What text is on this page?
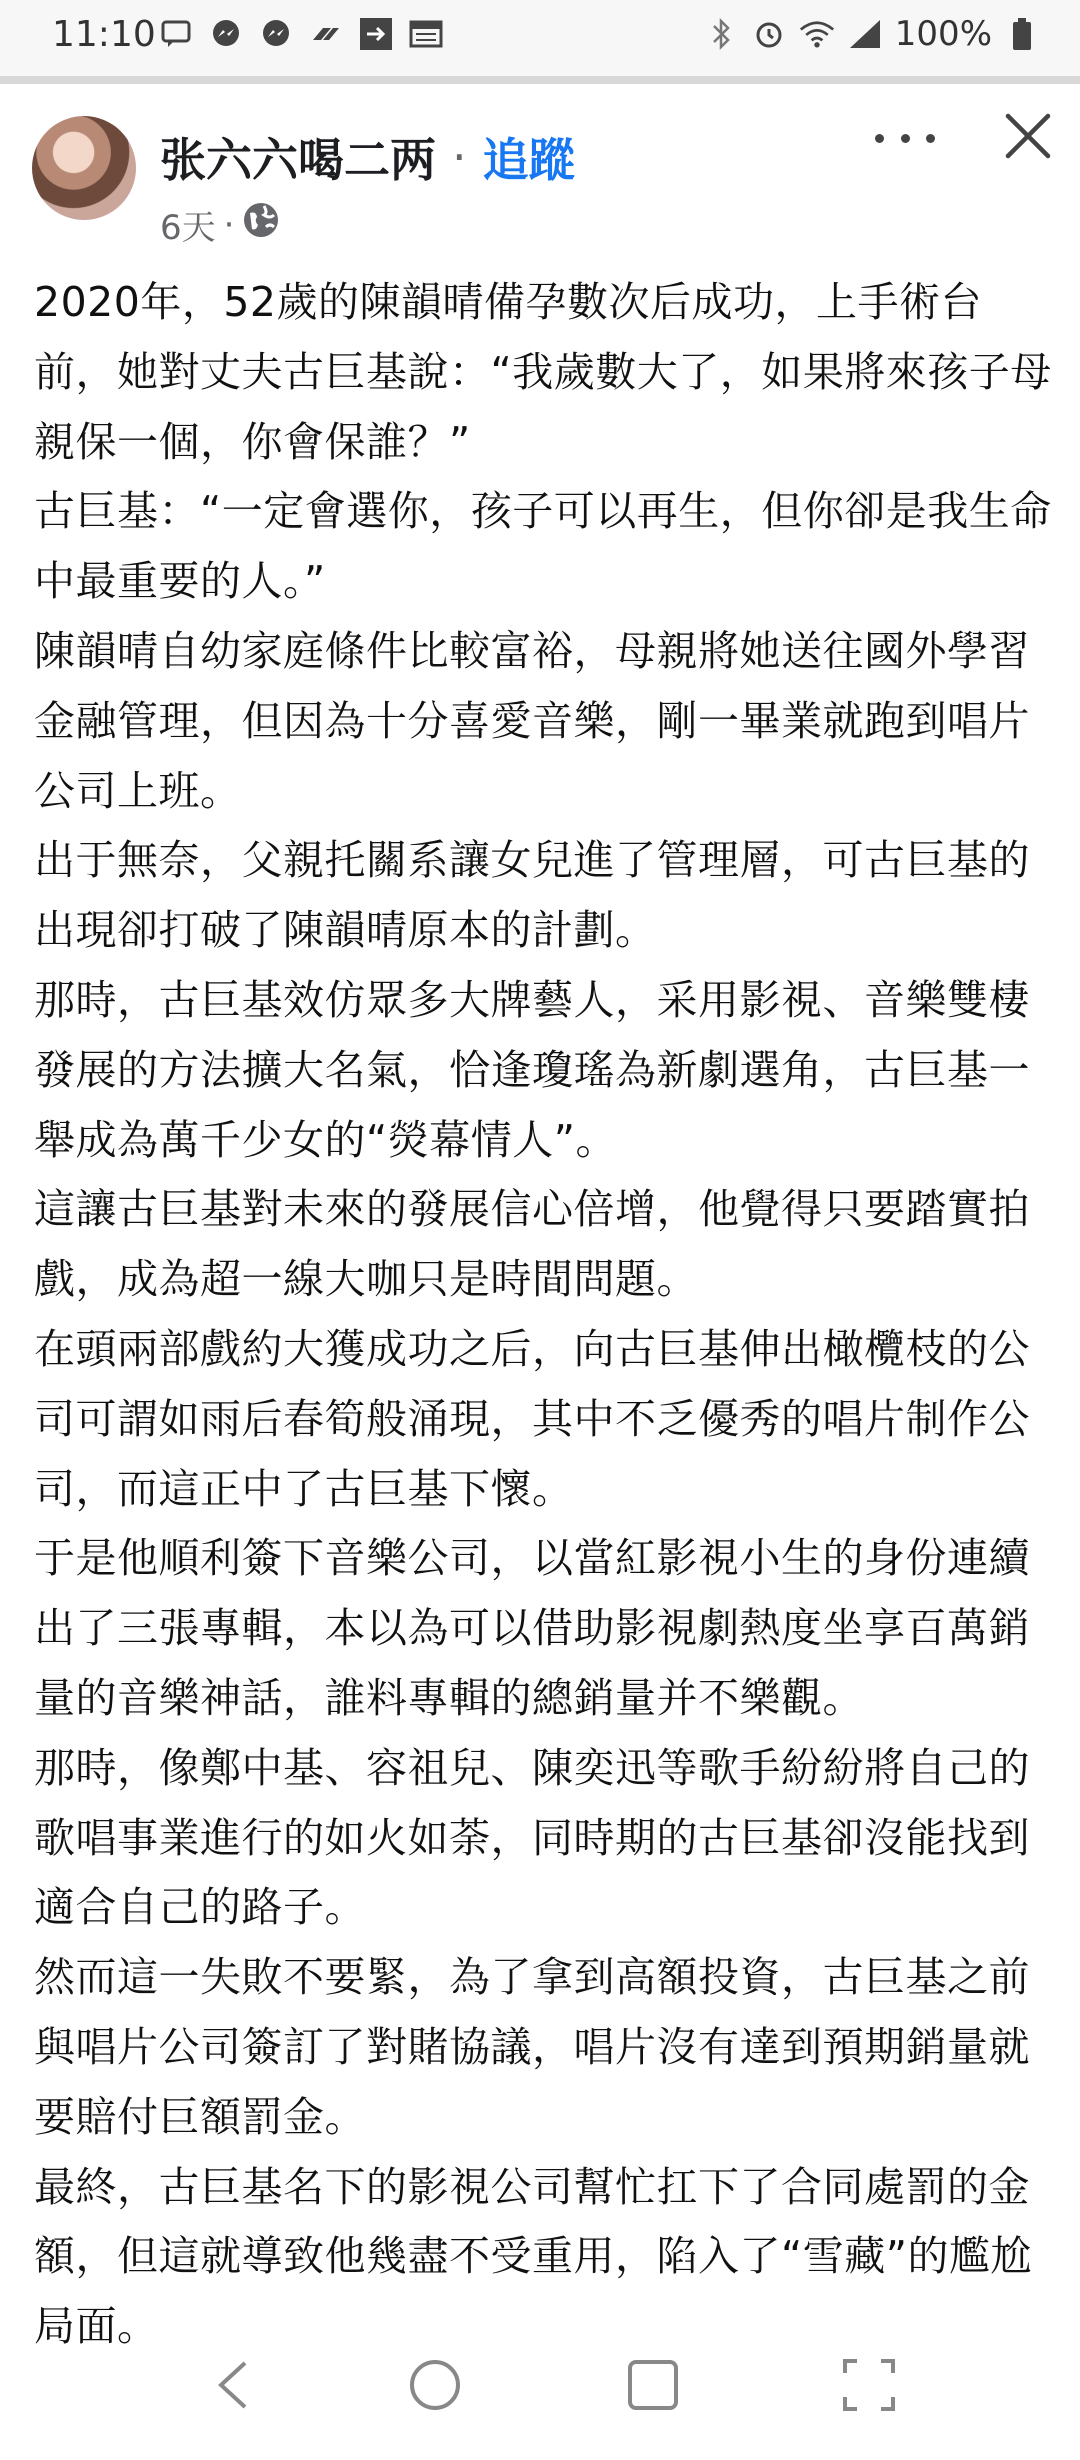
11:10	100%
张六六喝二两 · 追蹤
6天 ·

2020年，52歲的陳韻晴備孕數次后成功，上手術台前，她對丈夫古巨基說：“我歲數大了，如果將來孩子母親保一個，你會保誰？”

古巨基：“一定會選你，孩子可以再生，但你卻是我生命中最重要的人。”

陳韻晴自幼家庭條件比較富裕，母親將她送往國外學習金融管理，但因為十分喜愛音樂，剛一畢業就跑到唱片公司上班。

出于無奈，父親托關系讓女兒進了管理層，可古巨基的出現卻打破了陳韻晴原本的計劃。

那時，古巨基效仿眾多大牌藝人，采用影視、音樂雙棲發展的方法擴大名氣，恰逢瓊瑤為新劇選角，古巨基一舉成為萬千少女的“熒幕情人”。

這讓古巨基對未來的發展信心倍增，他覺得只要踏實拍戲，成為超一線大咖只是時間問題。

在頭兩部戲約大獲成功之后，向古巨基伸出橄欖枝的公司可謂如雨后春筍般涌現，其中不乏優秀的唱片制作公司，而這正中了古巨基下懷。

于是他順利簽下音樂公司，以當紅影視小生的身份連續出了三張專輯，本以為可以借助影視劇熱度坐享百萬銷量的音樂神話，誰料專輯的總銷量并不樂觀。

那時，像鄭中基、容祖兒、陳奕迅等歌手紛紛將自己的歌唱事業進行的如火如荼，同時期的古巨基卻沒能找到適合自己的路子。

然而這一失敗不要緊，為了拿到高額投資，古巨基之前與唱片公司簽訂了對賭協議，唱片沒有達到預期銷量就要賠付巨額罰金。

最終，古巨基名下的影視公司幫忙扛下了合同處罰的金額，但這就導致他幾盡不受重用，陷入了“雪藏”的尷尬局面。
